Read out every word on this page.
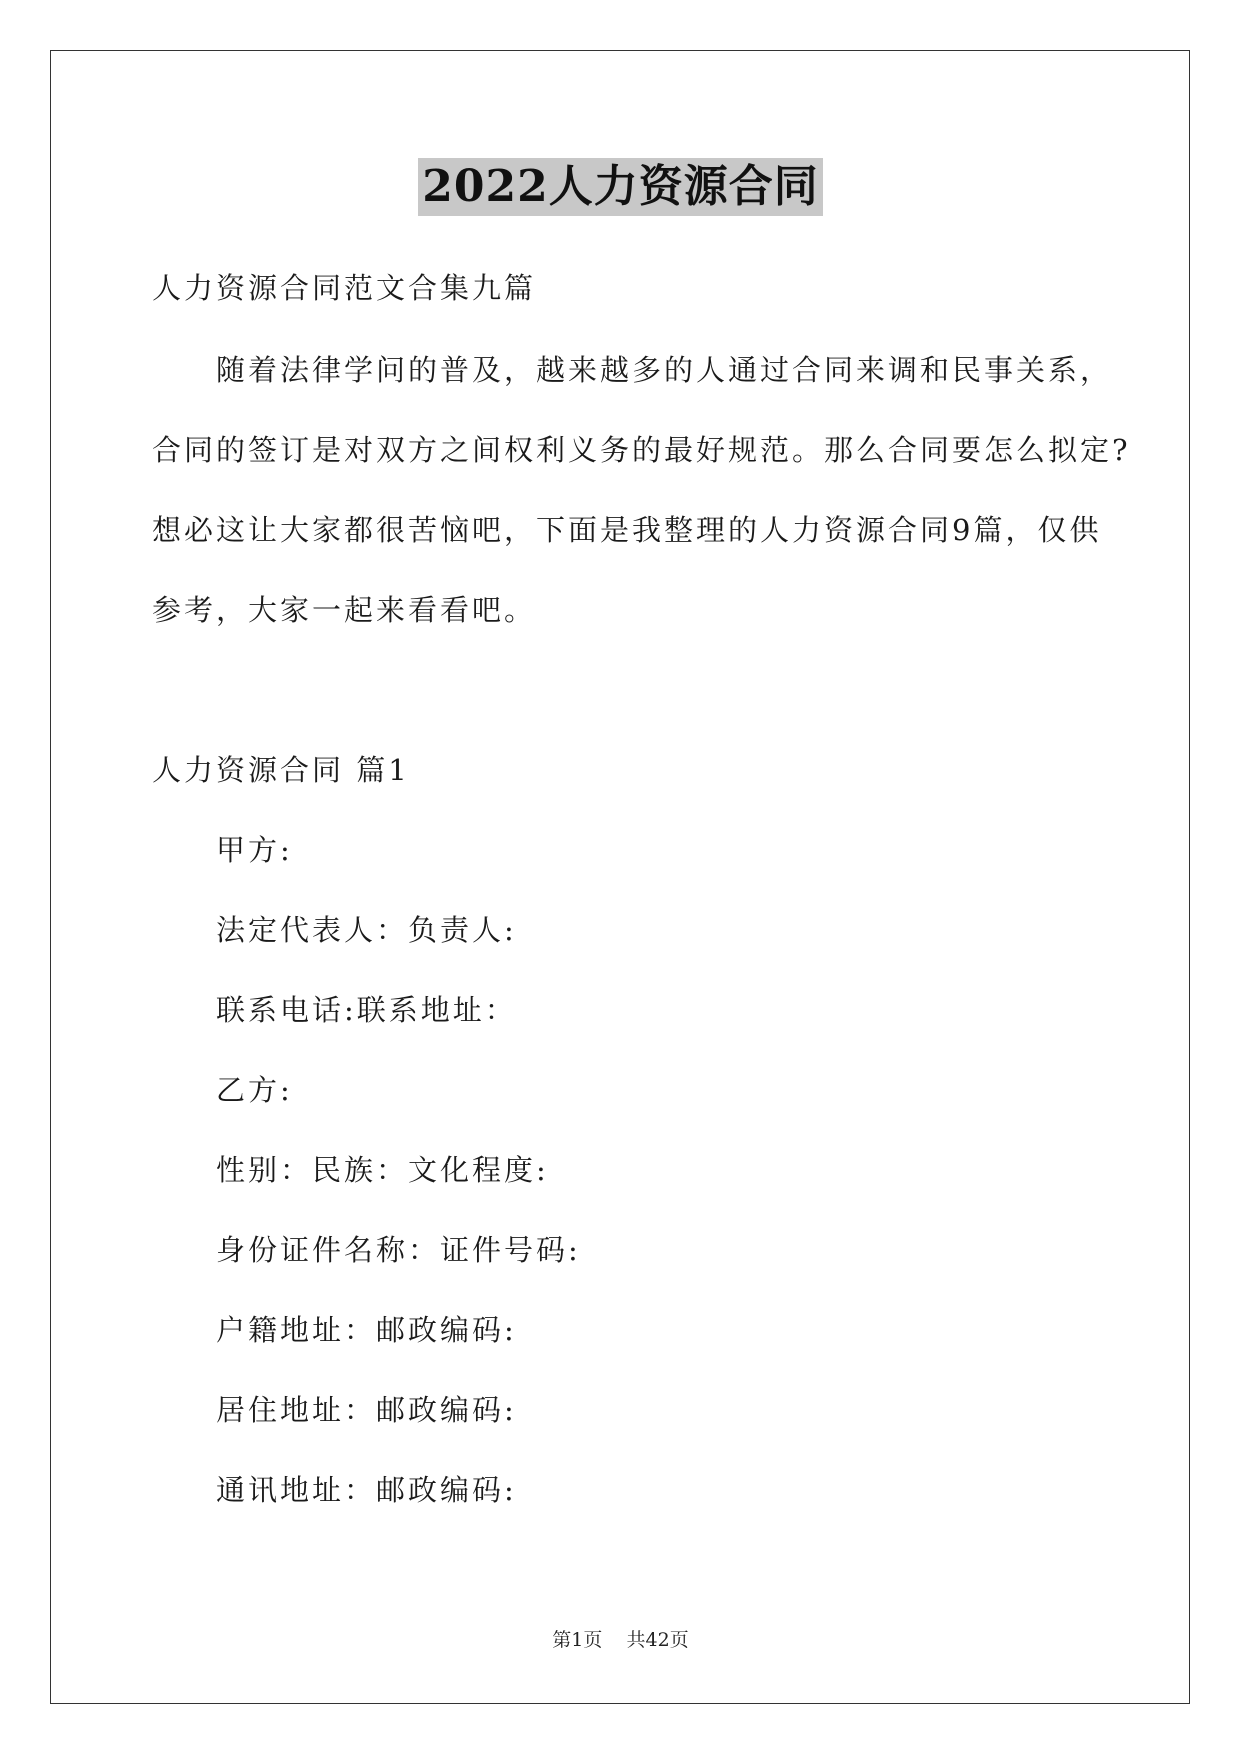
2022人力资源合同
人力资源合同范文合集九篇
随着法律学问的普及，越来越多的人通过合同来调和民事关系，
合同的签订是对双方之间权利义务的最好规范。那么合同要怎么拟定?
想必这让大家都很苦恼吧，下面是我整理的人力资源合同9篇，仅供
参考，大家一起来看看吧。
人力资源合同 篇1
甲方:
法定代表人：负责人:
联系电话:联系地址：
乙方:
性别：民族：文化程度:
身份证件名称：证件号码:
户籍地址：邮政编码:
居住地址：邮政编码:
通讯地址：邮政编码:
第1页 共42页
